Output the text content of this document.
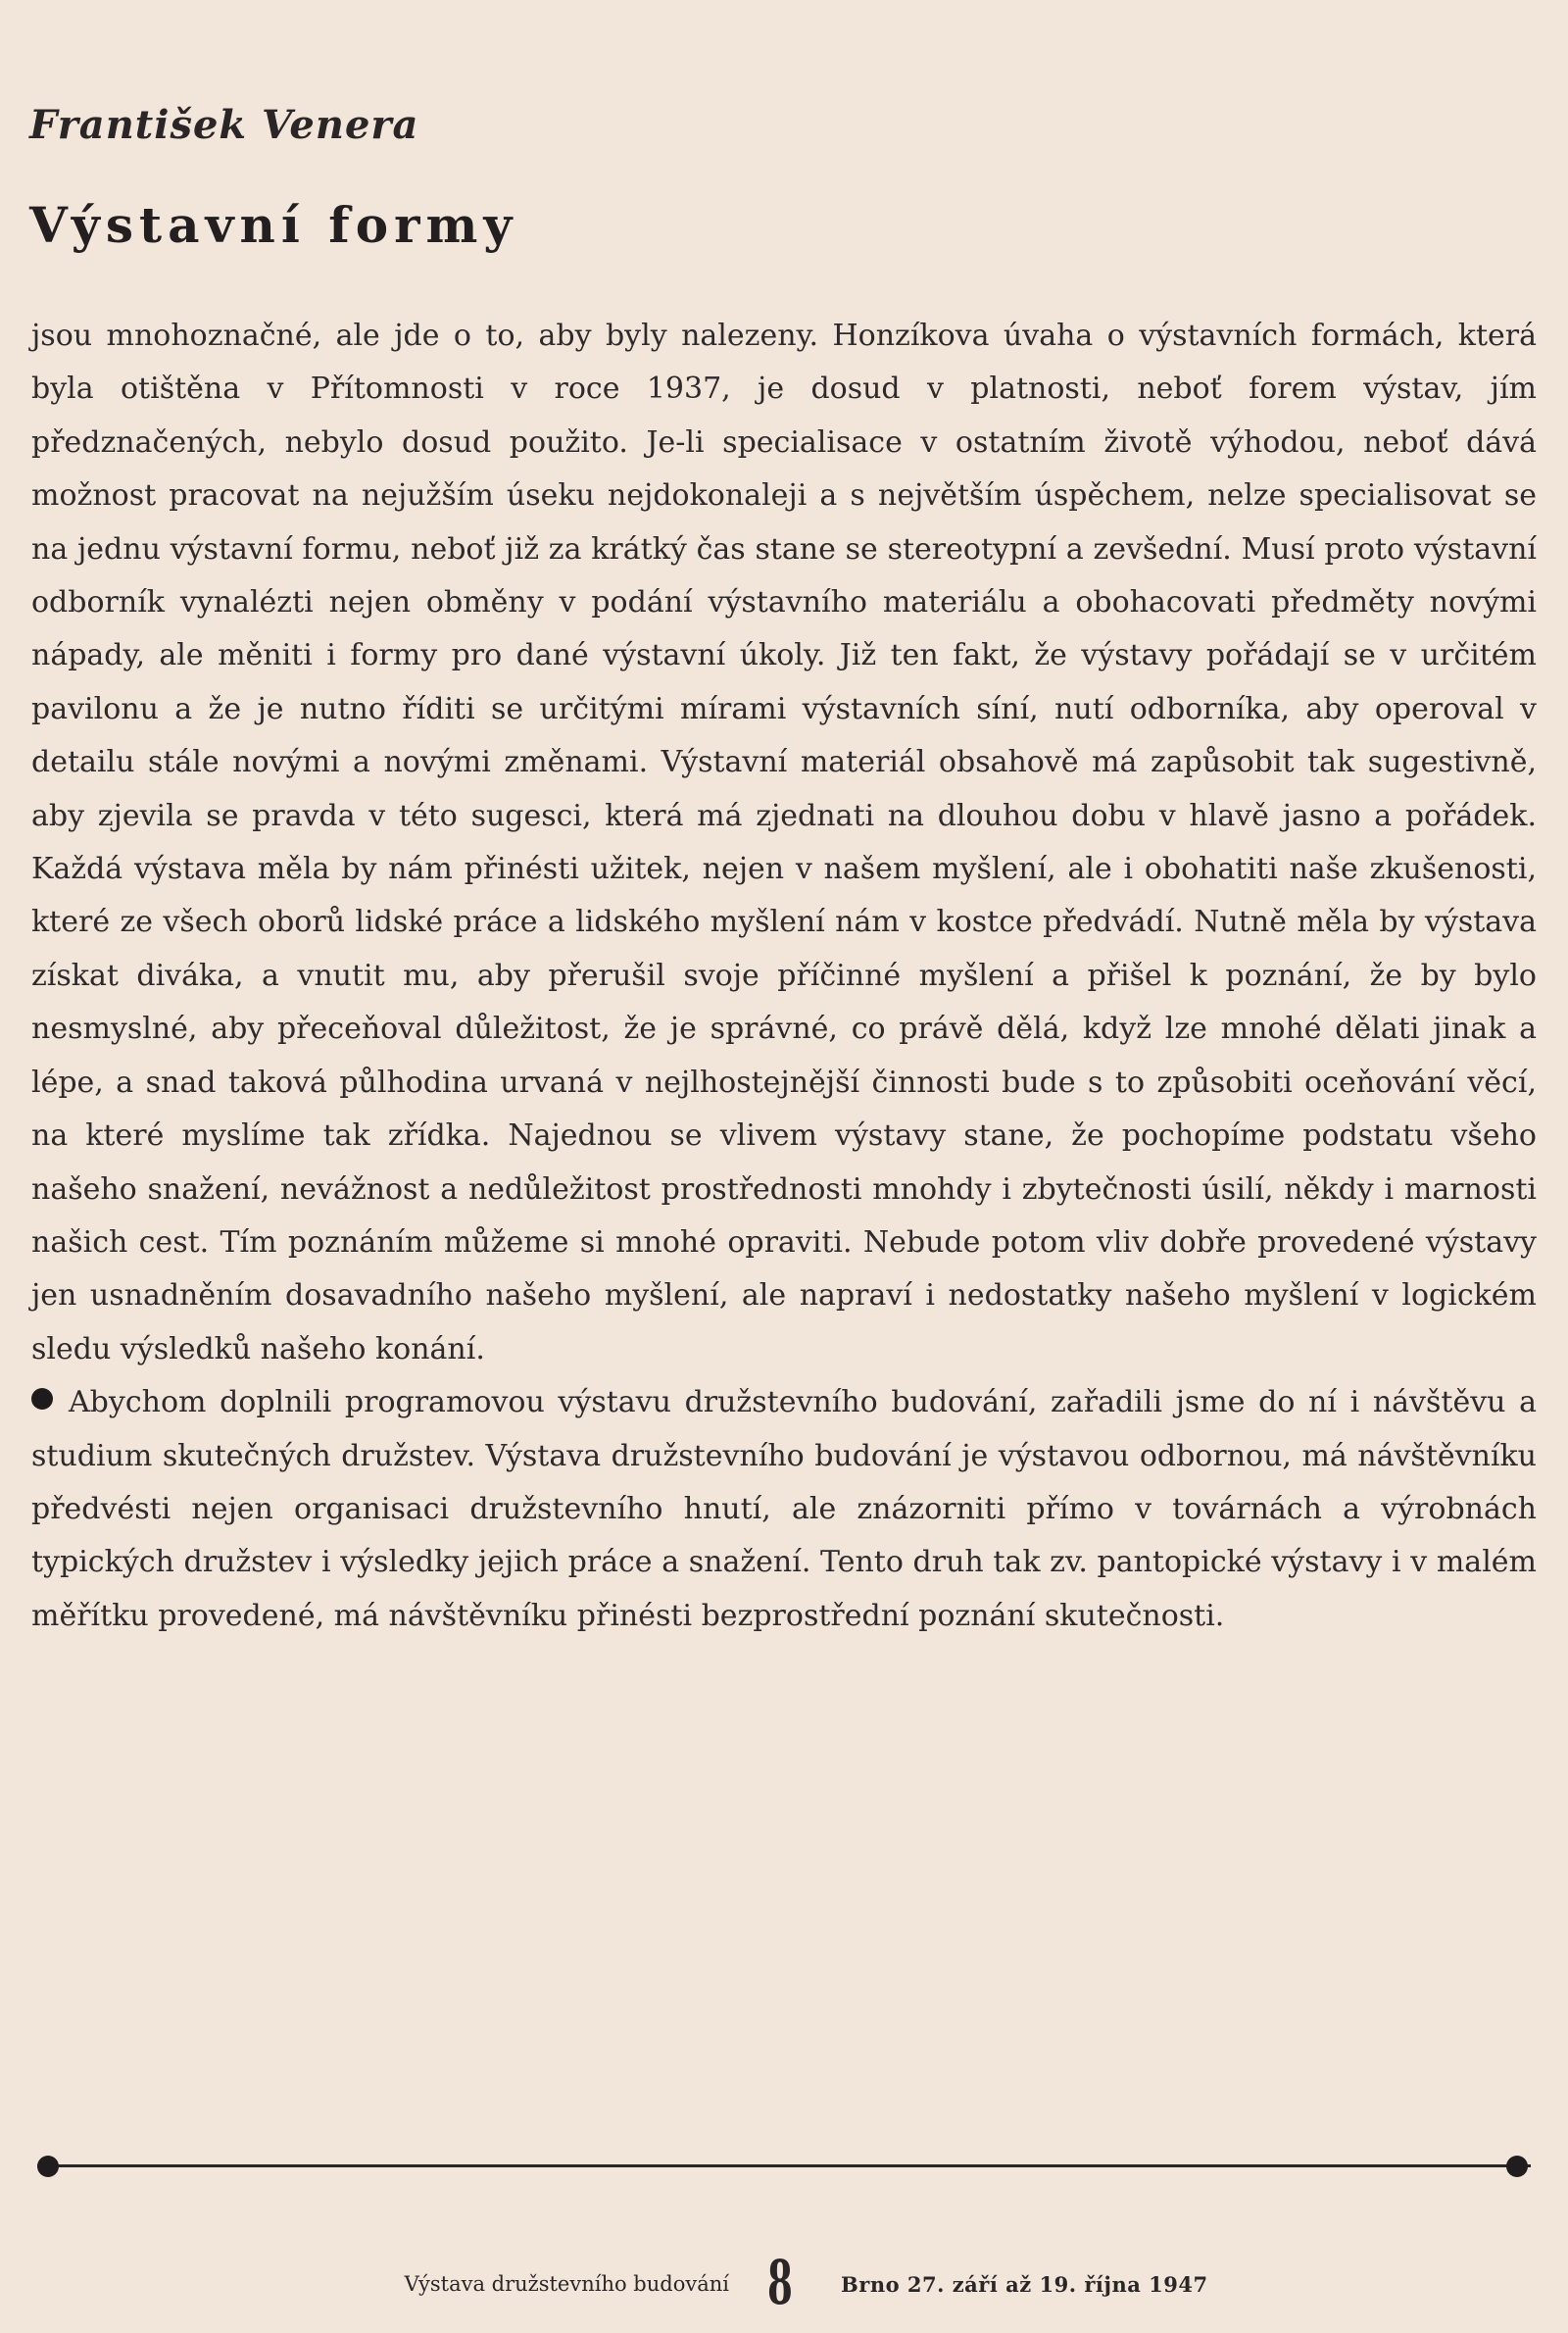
František Venera
Výstavní formy

jsou mnohoznačné, ale jde o to, aby byly nalezeny. Honzíkova úvaha o výstavních formách, která byla otištěna v Přítomnosti v roce 1937, je dosud v platnosti, neboť forem výstav, jím předznačených, nebylo dosud použito. Je-li specialisace v ostatním životě výhodou, neboť dává možnost pracovat na nejužším úseku nejdokonaleji a s největším úspěchem, nelze specialisovat se na jednu výstavní formu, neboť již za krátký čas stane se stereotypní a zevšední. Musí proto výstavní odborník vynalézti nejen obměny v podání výstavního materiálu a obohacovati předměty novými nápady, ale měniti i formy pro dané výstavní úkoly. Již ten fakt, že výstavy pořádají se v určitém pavilonu a že je nutno říditi se určitými mírami výstavních síní, nutí odborníka, aby operoval v detailu stále novými a novými změnami. Výstavní materiál obsahově má zapůsobit tak sugestivně, aby zjevila se pravda v této sugesci, která má zjednati na dlouhou dobu v hlavě jasno a pořádek. Každá výstava měla by nám přinésti užitek, nejen v našem myšlení, ale i obohatiti naše zkušenosti, které ze všech oborů lidské práce a lidského myšlení nám v kostce předvádí. Nutně měla by výstava získat diváka, a vnutit mu, aby přerušil svoje příčinné myšlení a přišel k poznání, že by bylo nesmyslné, aby přeceňoval důležitost, že je správné, co právě dělá, když lze mnohé dělati jinak a lépe, a snad taková půlhodina urvaná v nejlhostejnější činnosti bude s to způsobiti oceňování věcí, na které myslíme tak zřídka. Najednou se vlivem výstavy stane, že pochopíme podstatu všeho našeho snažení, nevážnost a nedůležitost prostřednosti mnohdy i zbytečnosti úsilí, někdy i marnosti našich cest. Tím poznáním můžeme si mnohé opraviti. Nebude potom vliv dobře provedené výstavy jen usnadněním dosavadního našeho myšlení, ale napraví i nedostatky našeho myšlení v logickém sledu výsledků našeho konání.

Abychom doplnili programovou výstavu družstevního budování, zařadili jsme do ní i návštěvu a studium skutečných družstev. Výstava družstevního budování je výstavou odbornou, má návštěvníku předvésti nejen organisaci družstevního hnutí, ale znázorniti přímo v továrnách a výrobnách typických družstev i výsledky jejich práce a snažení. Tento druh tak zv. pantopické výstavy i v malém měřítku provedené, má návštěvníku přinésti bezprostřední poznání skutečnosti.

Výstava družstevního budování 8 Brno 27. září až 19. října 1947
